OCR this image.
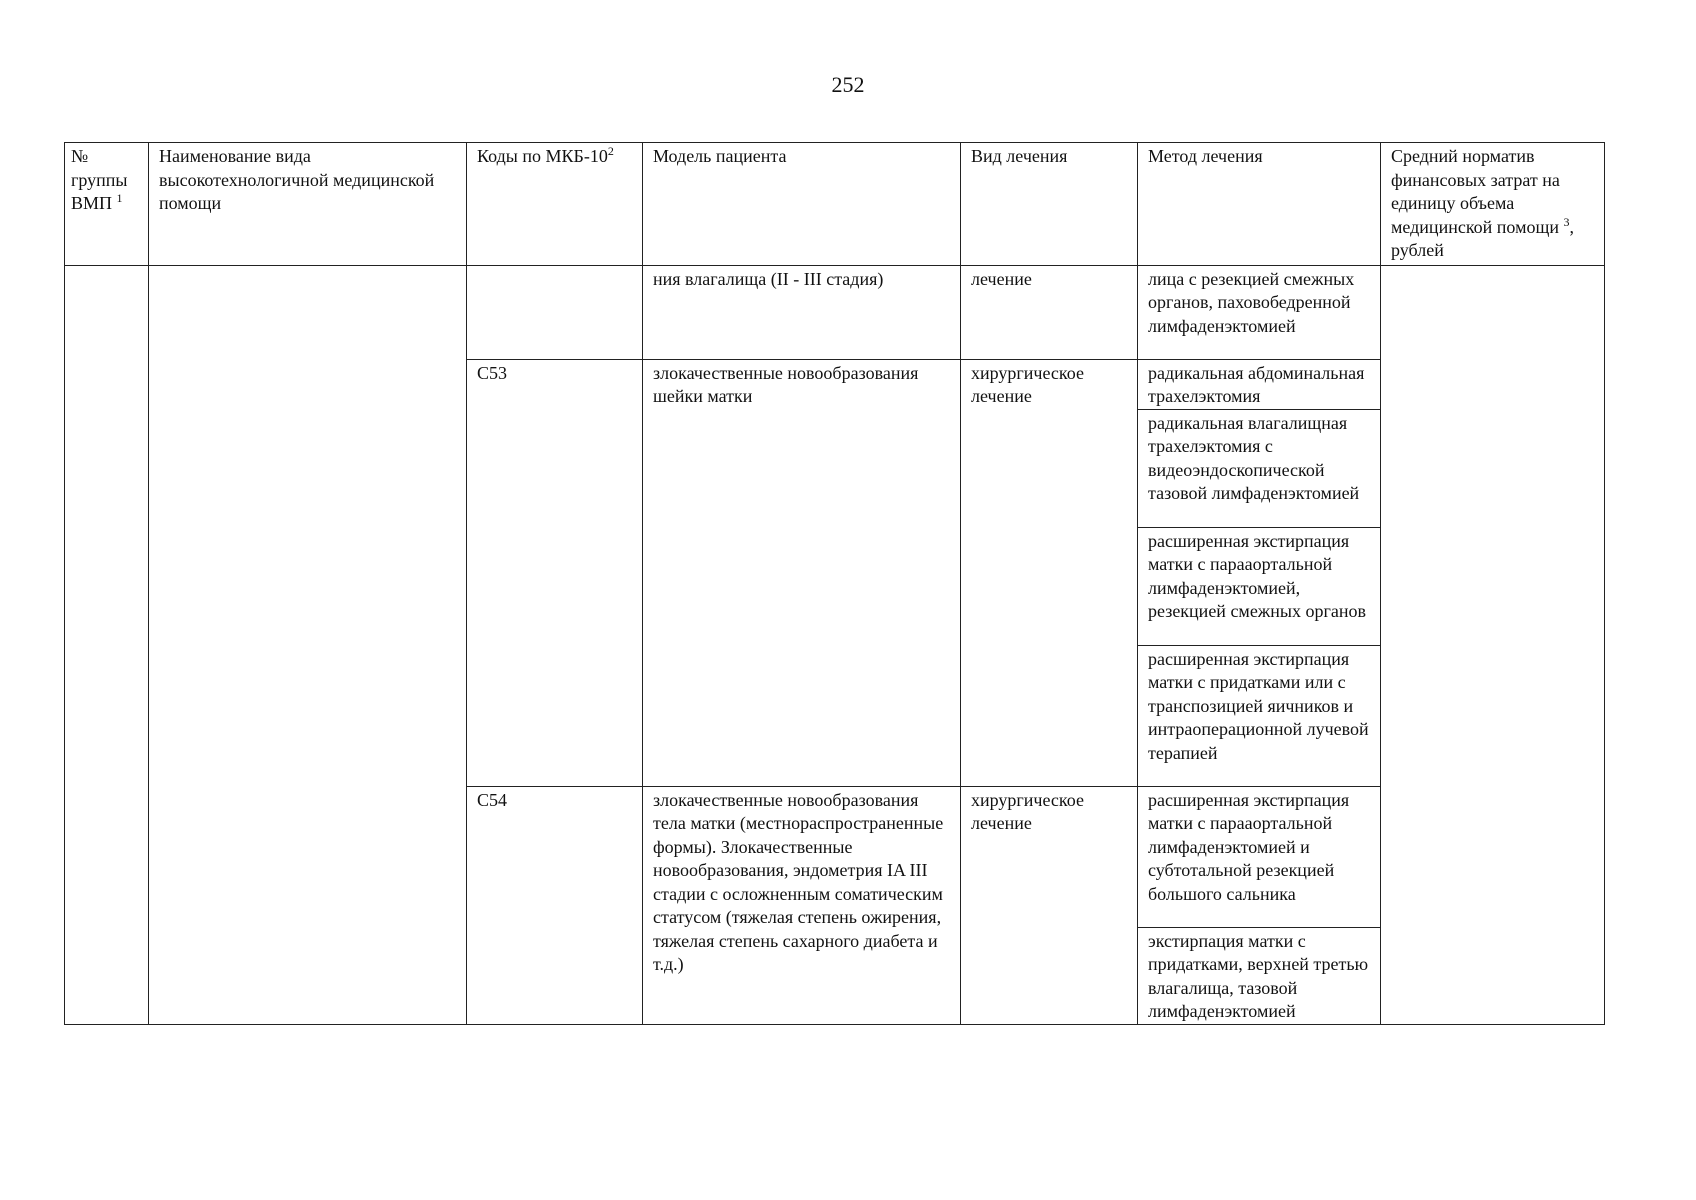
252
№ группы ВМП $^1$	Наименование вида высокотехнологичной медицинской помощи	Коды по МКБ-$10^2$	Модель пациента	Вид лечения	Метод лечения	Средний норматив финансовых затрат на единицу объема медицинской помощи $^3$, рублей
			ния влагалища (II - III стадия)	лечение	лица с резекцией смежных органов, паховобедренной лимфаденэктомией	
		C53	злокачественные новообразования шейки матки	хирургическое лечение	радикальная абдоминальная трахелэктомия	
					радикальная влагалищная трахелэктомия с видеоэндоскопической тазовой лимфаденэктомией	
					расширенная экстирпация матки с парааортальной лимфаденэктомией, резекцией смежных органов	
					расширенная экстирпация матки с придатками или с транспозицией яичников и интраоперационной лучевой терапией	
		C54	злокачественные новообразования тела матки (местнораспространенные формы). Злокачественные новообразования, эндометрия IA III стадии с осложненным соматическим статусом (тяжелая степень ожирения, тяжелая степень сахарного диабета и т.д.)	хирургическое лечение	расширенная экстирпация матки с парааортальной лимфаденэктомией и субтотальной резекцией большого сальника	
					экстирпация матки с придатками, верхней третью влагалища, тазовой лимфаденэктомией	
